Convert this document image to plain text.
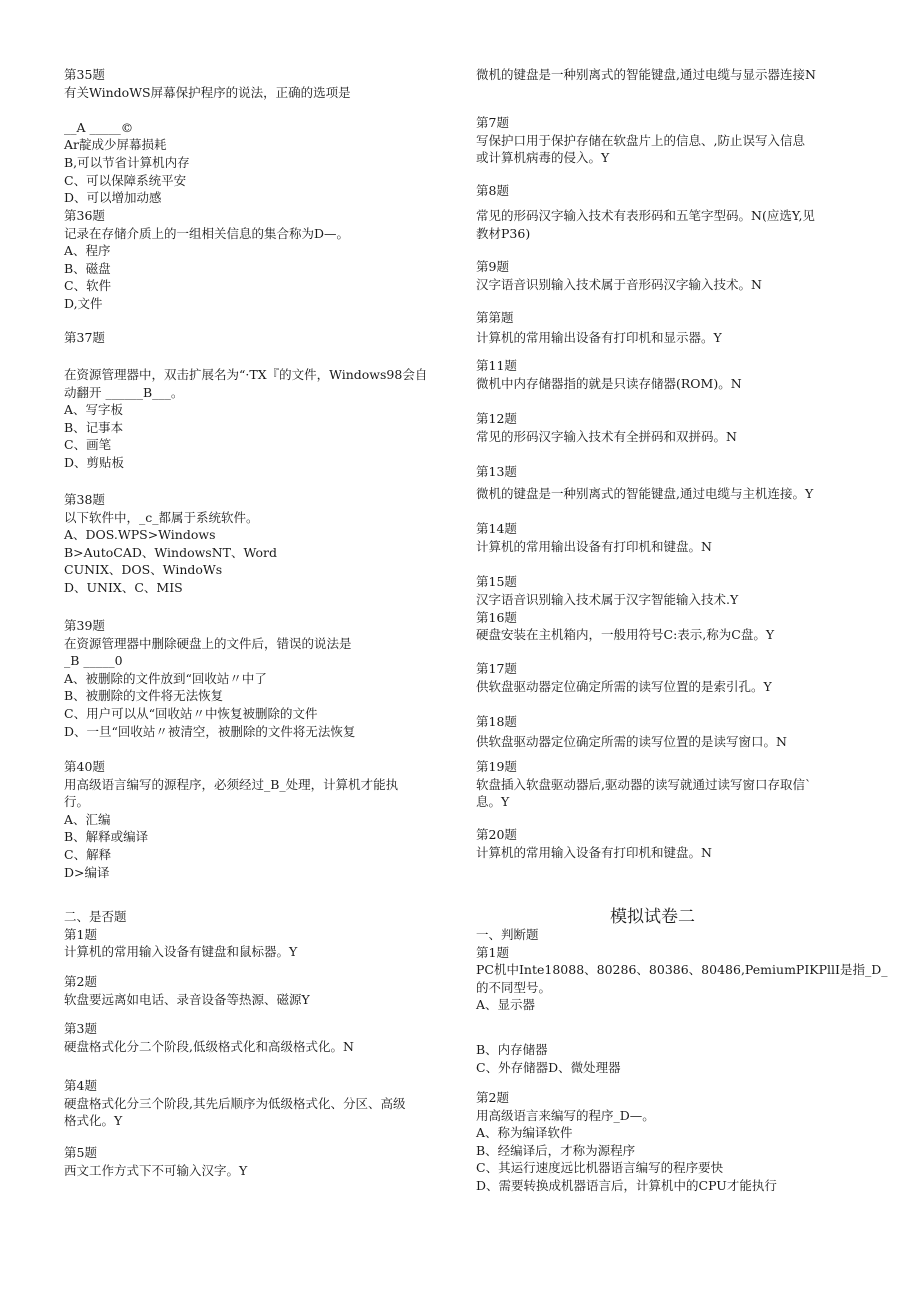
第35题
有关WindoWS屏幕保护程序的说法，正确的选项是
__A _____©
Ar靛成少屏幕损耗
B,可以节省计算机内存
C、可以保障系统平安
D、可以增加动感
第36题
记录在存储介质上的一组相关信息的集合称为D—。
A、程序
B、磁盘
C、软件
D,文件
第37题
在资源管理器中，双击扩展名为“·TX『的文件，Windows98会自
动翻开 ______B___。
A、写字板
B、记事本
C、画笔
D、剪贴板
第38题
以下软件中，_c_都属于系统软件。
A、DOS.WPS>Windows
B>AutoCAD、WindowsNT、Word
CUNIX、DOS、WindoWs
D、UNIX、C、MIS
第39题
在资源管理器中删除硬盘上的文件后，错误的说法是
_B _____0
A、被删除的文件放到“回收站〃中了
B、被删除的文件将无法恢复
C、用户可以从“回收站〃中恢复被删除的文件
D、一旦“回收站〃被清空，被删除的文件将无法恢复
第40题
用高级语言编写的源程序，必须经过_B_处理，计算机才能执
行。
A、汇编
B、解释或编译
C、解释
D>编译
二、是否题
第1题
计算机的常用输入设备有键盘和鼠标器。Y
第2题
软盘要远离如电话、录音设备等热源、磁源Y
第3题
硬盘格式化分二个阶段,低级格式化和高级格式化。N
第4题
硬盘格式化分三个阶段,其先后顺序为低级格式化、分区、高级
格式化。Y
第5题
西文工作方式下不可输入汉字。Y
微机的键盘是一种别离式的智能键盘,通过电缆与显示器连接N
第7题
写保护口用于保护存储在软盘片上的信息、,防止误写入信息
或计算机病毒的侵入。Y
第8题
常见的形码汉字输入技术有表形码和五笔字型码。N(应选Y,见
教材P36)
第9题
汉字语音识别输入技术属于音形码汉字输入技术。N
第第题
计算机的常用输出设备有打印机和显示器。Y
第11题
微机中内存储器指的就是只读存储器(ROM)。N
第12题
常见的形码汉字输入技术有全拼码和双拼码。N
第13题
微机的键盘是一种别离式的智能键盘,通过电缆与主机连接。Y
第14题
计算机的常用输出设备有打印机和键盘。N
第15题
汉字语音识别输入技术属于汉字智能输入技术.Y
第16题
硬盘安装在主机箱内，一般用符号C:表示,称为C盘。Y
第17题
供软盘驱动器定位确定所需的读写位置的是索引孔。Y
第18题
供软盘驱动器定位确定所需的读写位置的是读写窗口。N
第19题
软盘插入软盘驱动器后,驱动器的读写就通过读写窗口存取信`
息。Y
第20题
计算机的常用输入设备有打印机和键盘。N
一、判断题
第1题
PC机中Inte18088、80286、80386、80486,PemiumPIKPllI是指_D_
的不同型号。
A、显示器
B、内存储器
C、外存储器D、微处理器
第2题
用高级语言来编写的程序_D—。
A、称为编译软件
B、经编译后，才称为源程序
C、其运行速度远比机器语言编写的程序要快
D、需要转换成机器语言后，计算机中的CPU才能执行
模拟试卷二
